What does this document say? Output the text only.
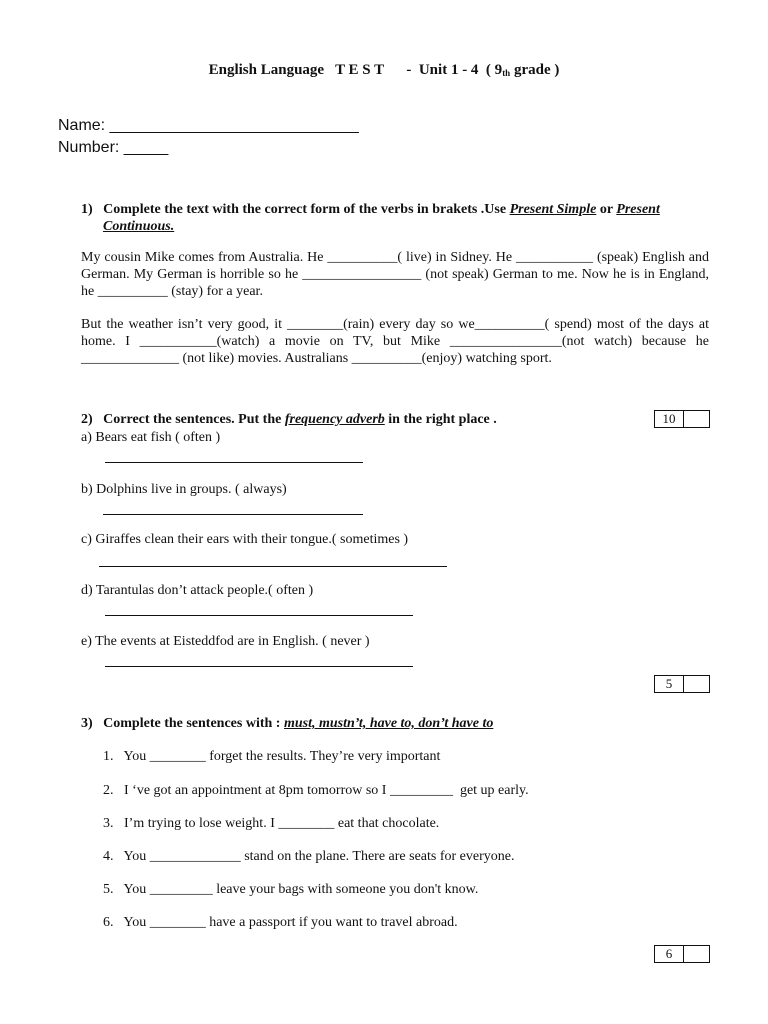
English Language   T E S T      -  Unit 1 - 4  ( $9_{th}$ grade )
Name: ____________________________
Number: _____
1)   Complete the text with the correct form of the verbs in brakets .Use Present Simple or Present
Continuous.
My cousin Mike comes from Australia. He __________( live) in Sidney. He ___________ (speak) English and German. My German is horrible so he _________________ (not speak) German to me. Now he is in England, he __________ (stay) for a year.
But the weather isn’t very good, it ________(rain) every day so we__________( spend) most of the days at home. I ___________(watch) a movie on TV, but Mike ________________(not watch) because he ______________ (not like) movies. Australians __________(enjoy) watching sport.
2)   Correct the sentences. Put the frequency adverb in the right place .	10
a) Bears eat fish ( often )
b) Dolphins live in groups. ( always)
c) Giraffes clean their ears with their tongue.( sometimes )
d) Tarantulas don’t attack people.( often )
e) The events at Eisteddfod are in English. ( never )
5
3)   Complete the sentences with : must, mustn’t, have to, don’t have to
1.   You ________ forget the results. They’re very important
2.   I ‘ve got an appointment at 8pm tomorrow so I _________  get up early.
3.   I’m trying to lose weight. I ________ eat that chocolate.
4.   You _____________ stand on the plane. There are seats for everyone.
5.   You _________ leave your bags with someone you don't know.
6.   You ________ have a passport if you want to travel abroad.
6
